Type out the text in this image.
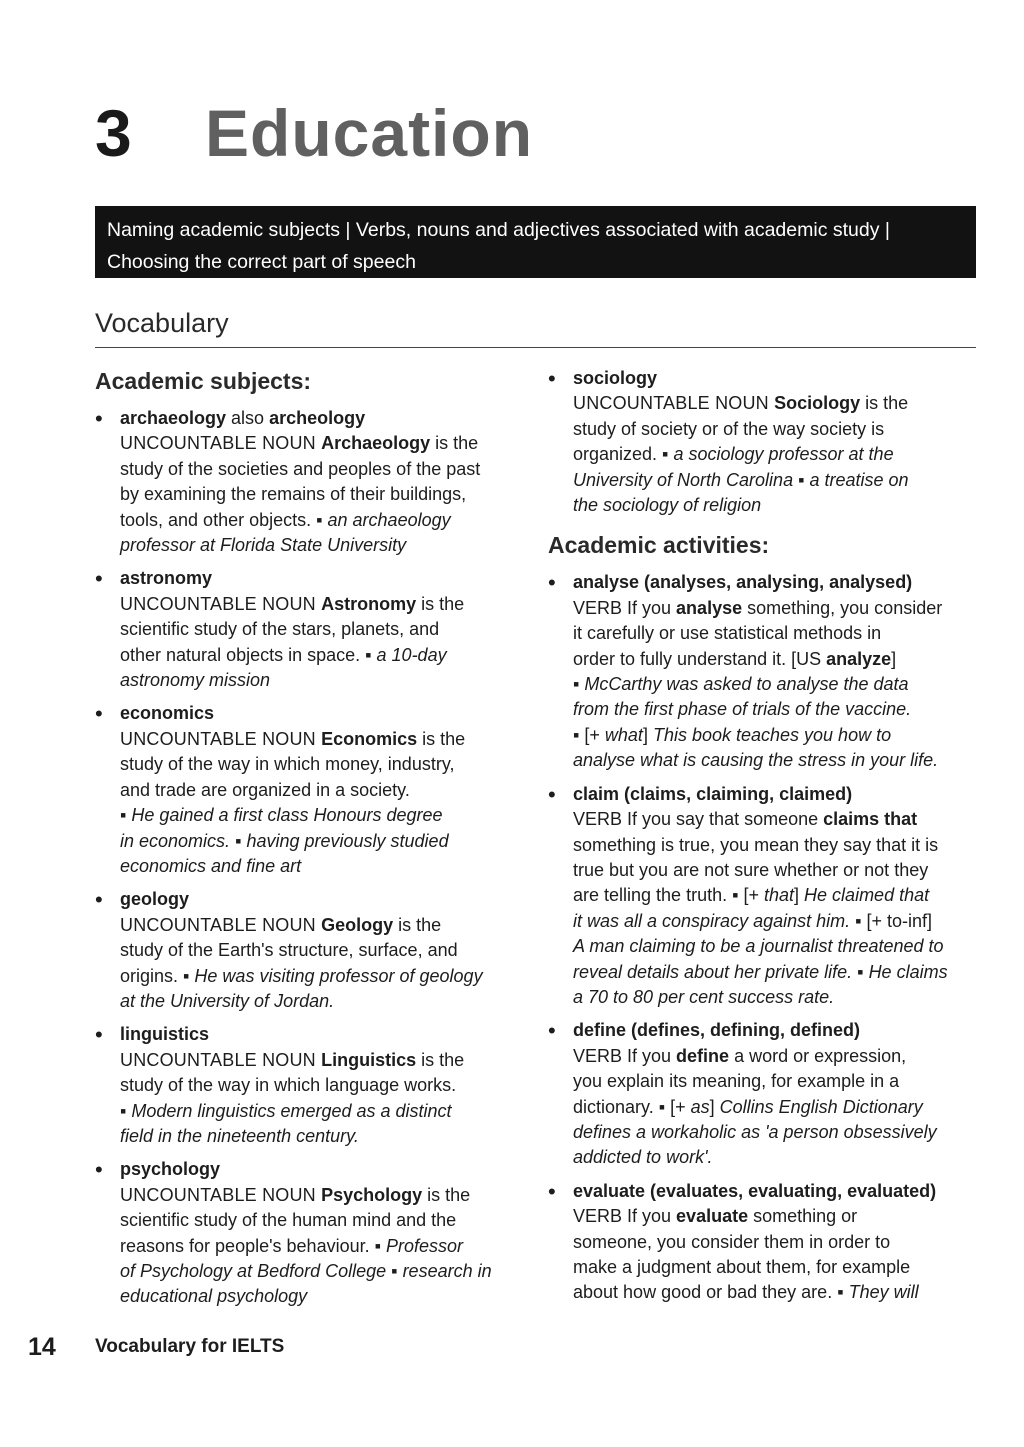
3 Education
Naming academic subjects | Verbs, nouns and adjectives associated with academic study |
Choosing the correct part of speech
Vocabulary
Academic subjects:
• archaeology also archeology
UNCOUNTABLE NOUN Archaeology is the
study of the societies and peoples of the past
by examining the remains of their buildings,
tools, and other objects. ▪ an archaeology
professor at Florida State University
• astronomy
UNCOUNTABLE NOUN Astronomy is the
scientific study of the stars, planets, and
other natural objects in space. ▪ a 10-day
astronomy mission
• economics
UNCOUNTABLE NOUN Economics is the
study of the way in which money, industry,
and trade are organized in a society.
▪ He gained a first class Honours degree
in economics. ▪ having previously studied
economics and fine art
• geology
UNCOUNTABLE NOUN Geology is the
study of the Earth's structure, surface, and
origins. ▪ He was visiting professor of geology
at the University of Jordan.
• linguistics
UNCOUNTABLE NOUN Linguistics is the
study of the way in which language works.
▪ Modern linguistics emerged as a distinct
field in the nineteenth century.
• psychology
UNCOUNTABLE NOUN Psychology is the
scientific study of the human mind and the
reasons for people's behaviour. ▪ Professor
of Psychology at Bedford College ▪ research in
educational psychology
• sociology
UNCOUNTABLE NOUN Sociology is the
study of society or of the way society is
organized. ▪ a sociology professor at the
University of North Carolina ▪ a treatise on
the sociology of religion
Academic activities:
• analyse (analyses, analysing, analysed)
VERB If you analyse something, you consider
it carefully or use statistical methods in
order to fully understand it. [US analyze]
▪ McCarthy was asked to analyse the data
from the first phase of trials of the vaccine.
▪ [+ what] This book teaches you how to
analyse what is causing the stress in your life.
• claim (claims, claiming, claimed)
VERB If you say that someone claims that
something is true, you mean they say that it is
true but you are not sure whether or not they
are telling the truth. ▪ [+ that] He claimed that
it was all a conspiracy against him. ▪ [+ to-inf]
A man claiming to be a journalist threatened to
reveal details about her private life. ▪ He claims
a 70 to 80 per cent success rate.
• define (defines, defining, defined)
VERB If you define a word or expression,
you explain its meaning, for example in a
dictionary. ▪ [+ as] Collins English Dictionary
defines a workaholic as 'a person obsessively
addicted to work'.
• evaluate (evaluates, evaluating, evaluated)
VERB If you evaluate something or
someone, you consider them in order to
make a judgment about them, for example
about how good or bad they are. ▪ They will
14 Vocabulary for IELTS
